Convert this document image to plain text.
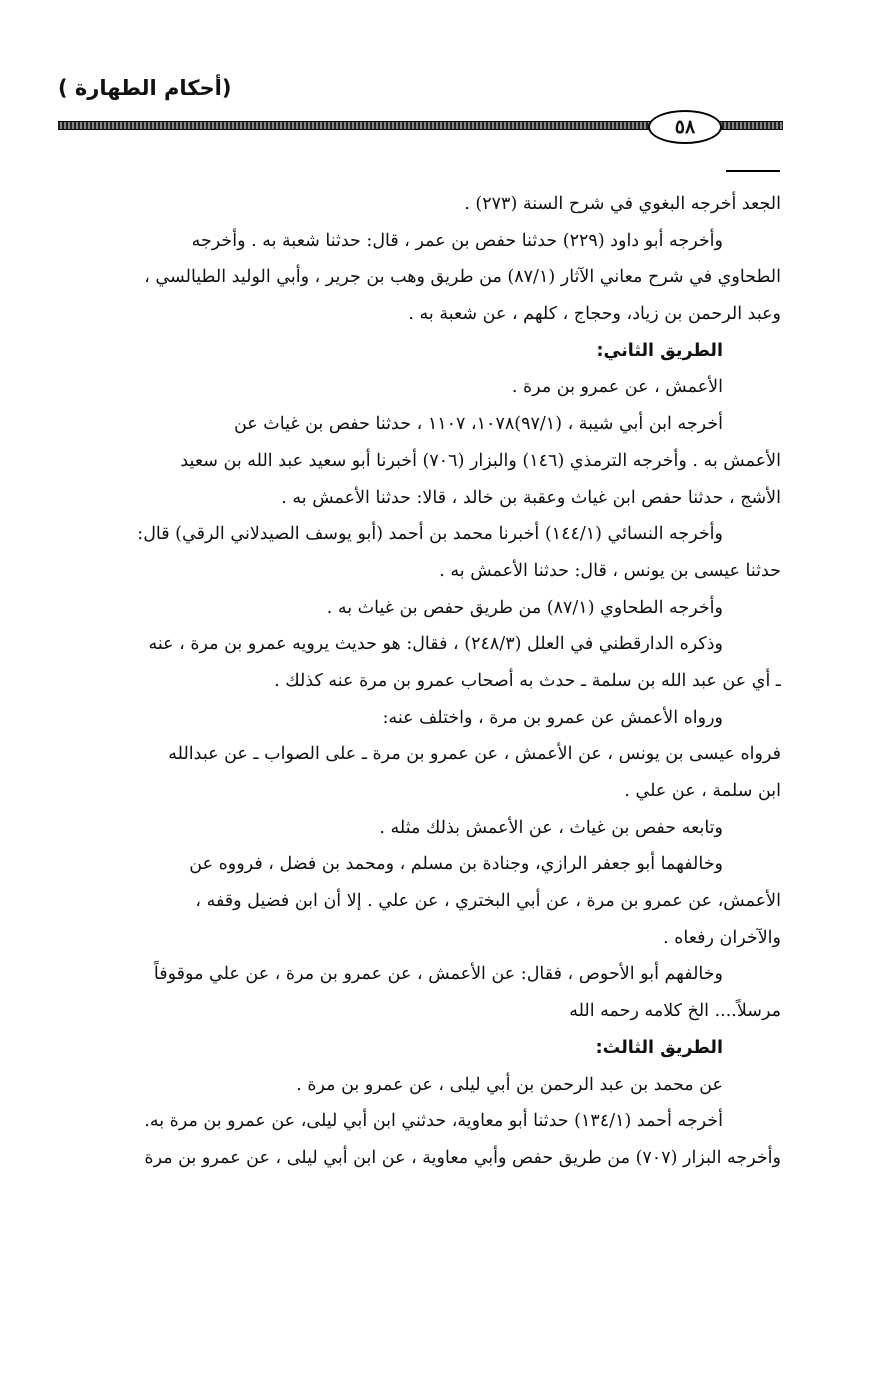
(أحكام الطهارة )
٥٨
الجعد أخرجه البغوي في شرح السنة (٢٧٣) .
وأخرجه أبو داود (٢٢٩) حدثنا حفص بن عمر ، قال: حدثنا شعبة به . وأخرجه
الطحاوي في شرح معاني الآثار (٨٧/١) من طريق وهب بن جرير ، وأبي الوليد الطيالسي ،
وعبد الرحمن بن زياد، وحجاج ، كلهم ، عن شعبة به .
الطريق الثاني:
الأعمش ، عن عمرو بن مرة .
أخرجه ابن أبي شيبة ، (٩٧/١)١٠٧٨، ١١٠٧ ، حدثنا حفص بن غياث عن
الأعمش به . وأخرجه الترمذي (١٤٦) والبزار (٧٠٦) أخبرنا أبو سعيد عبد الله بن سعيد
الأشج ، حدثنا حفص ابن غياث وعقبة بن خالد ، قالا: حدثنا الأعمش به .
وأخرجه النسائي (١٤٤/١) أخبرنا محمد بن أحمد (أبو يوسف الصيدلاني الرقي) قال:
حدثنا عيسى بن يونس ، قال: حدثنا الأعمش به .
وأخرجه الطحاوي (٨٧/١) من طريق حفص بن غياث به .
وذكره الدارقطني في العلل (٢٤٨/٣) ، فقال: هو حديث يرويه عمرو بن مرة ، عنه
ـ أي عن عبد الله بن سلمة ـ حدث به أصحاب عمرو بن مرة عنه كذلك .
ورواه الأعمش عن عمرو بن مرة ، واختلف عنه:
فرواه عيسى بن يونس ، عن الأعمش ، عن عمرو بن مرة ـ على الصواب ـ عن عبدالله
ابن سلمة ، عن علي .
وتابعه حفص بن غياث ، عن الأعمش بذلك مثله .
وخالفهما أبو جعفر الرازي، وجنادة بن مسلم ، ومحمد بن فضل ، فرووه عن
الأعمش، عن عمرو بن مرة ، عن أبي البختري ، عن علي . إلا أن ابن فضيل وقفه ،
والآخران رفعاه .
وخالفهم أبو الأحوص ، فقال: عن الأعمش ، عن عمرو بن مرة ، عن علي موقوفاً
مرسلاً.... الخ كلامه رحمه الله
الطريق الثالث:
عن محمد بن عبد الرحمن بن أبي ليلى ، عن عمرو بن مرة .
أخرجه أحمد (١٣٤/١) حدثنا أبو معاوية، حدثني ابن أبي ليلى، عن عمرو بن مرة به.
وأخرجه البزار (٧٠٧) من طريق حفص وأبي معاوية ، عن ابن أبي ليلى ، عن عمرو بن مرة
